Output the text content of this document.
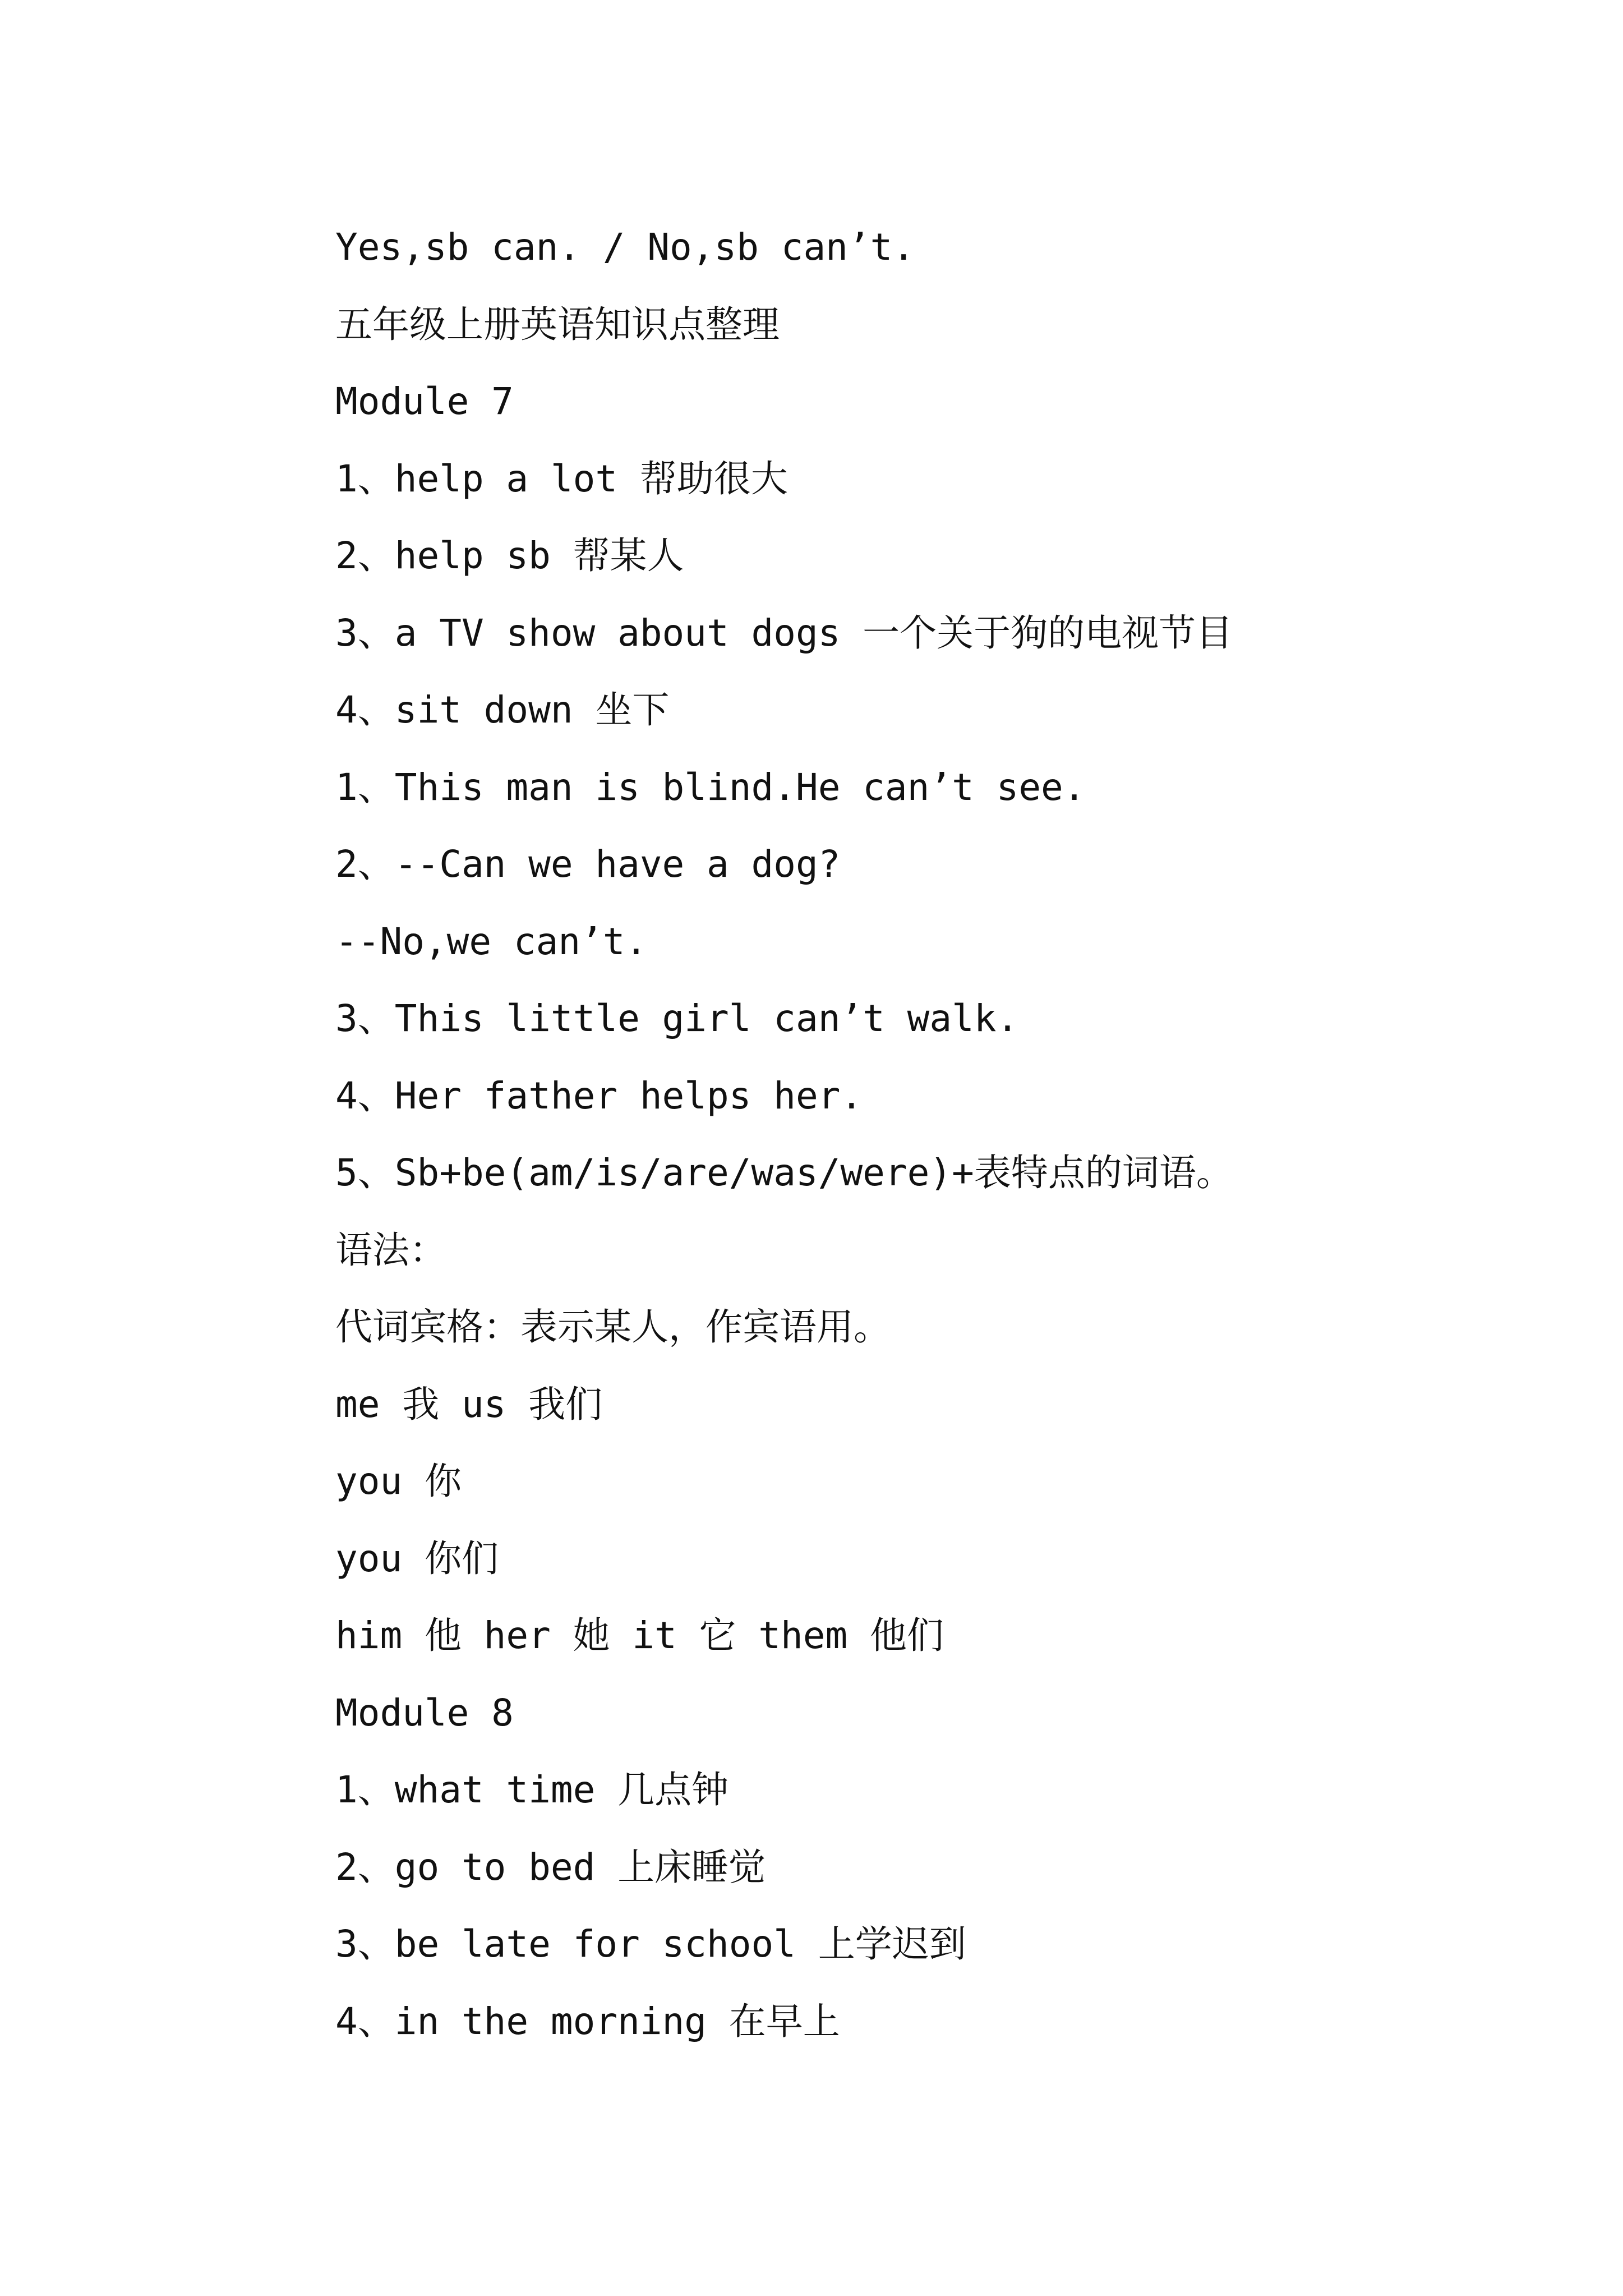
Yes,sb can. / No,sb can’t.
五年级上册英语知识点整理
Module 7
1、help a lot 帮助很大
2、help sb 帮某人
3、a TV show about dogs 一个关于狗的电视节目
4、sit down 坐下
1、This man is blind.He can’t see.
2、--Can we have a dog?
--No,we can’t.
3、This little girl can’t walk.
4、Her father helps her.
5、Sb+be(am/is/are/was/were)+表特点的词语。
语法：
代词宾格：表示某人，作宾语用。
me 我 us 我们
you 你
you 你们
him 他 her 她 it 它 them 他们
Module 8
1、what time 几点钟
2、go to bed 上床睡觉
3、be late for school 上学迟到
4、in the morning 在早上
